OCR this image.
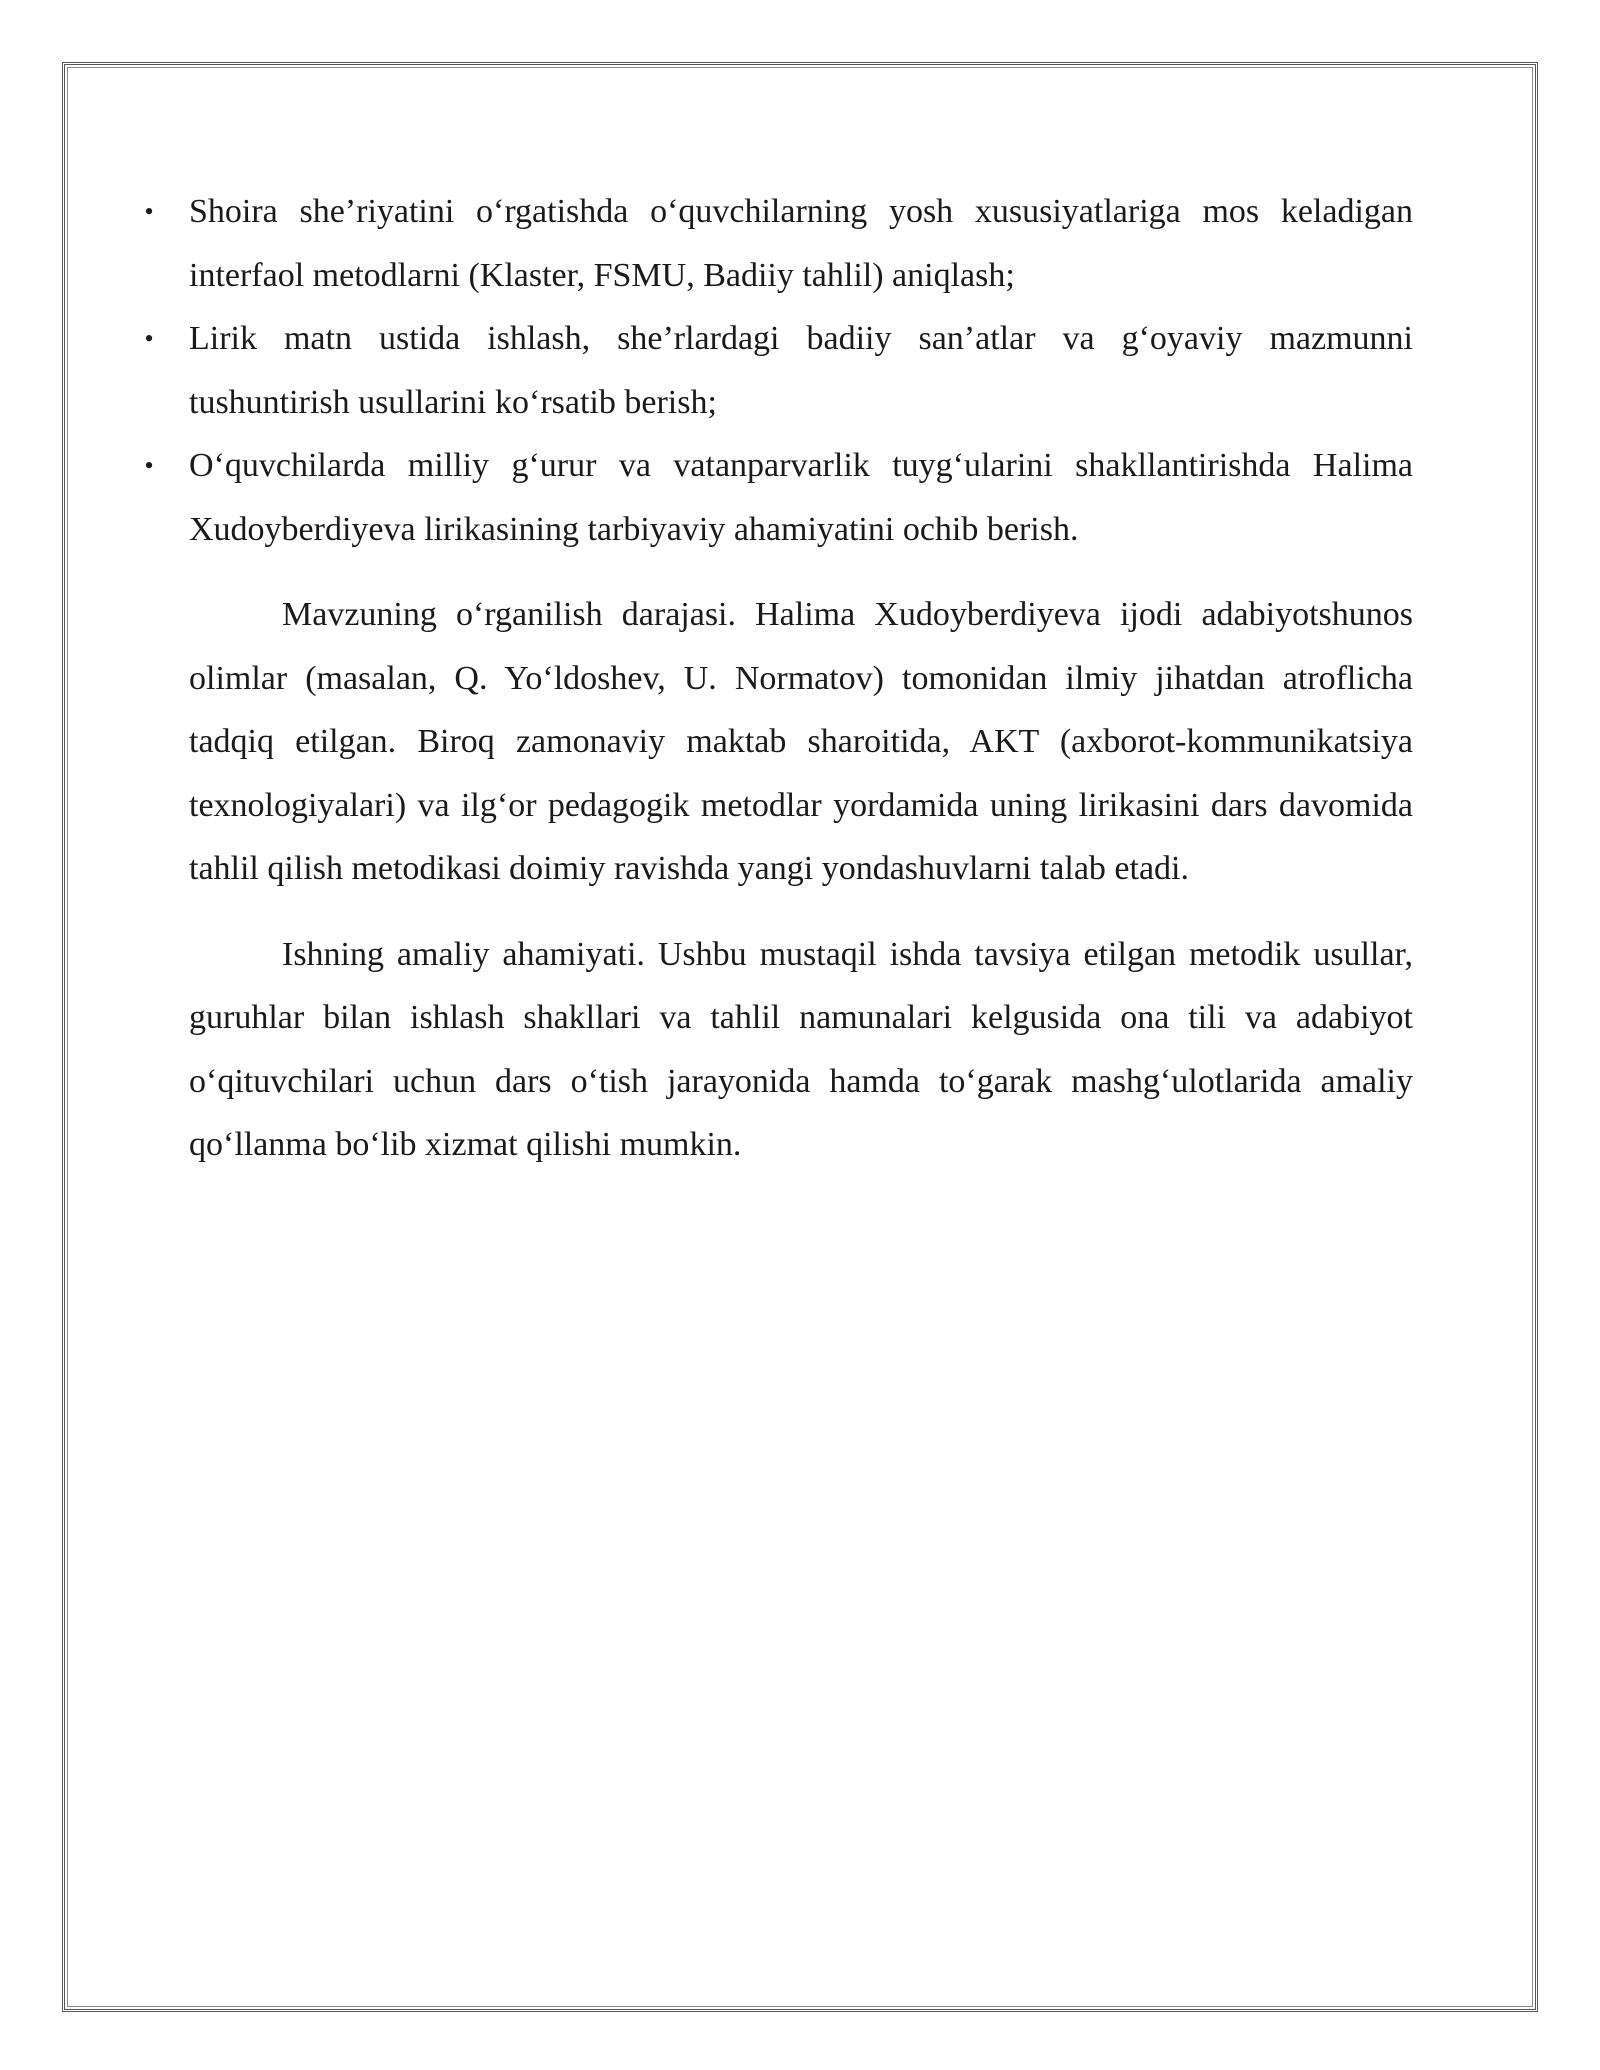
• Shoira she’riyatini o‘rgatishda o‘quvchilarning yosh xususiyatlariga mos keladigan interfaol metodlarni (Klaster, FSMU, Badiiy tahlil) aniqlash;
• Lirik matn ustida ishlash, she’rlardagi badiiy san’atlar va g‘oyaviy mazmunni tushuntirish usullarini ko‘rsatib berish;
• O‘quvchilarda milliy g‘urur va vatanparvarlik tuyg‘ularini shakllantirishda Halima Xudoyberdiyeva lirikasining tarbiyaviy ahamiyatini ochib berish.

Mavzuning o‘rganilish darajasi. Halima Xudoyberdiyeva ijodi adabiyotshunos olimlar (masalan, Q. Yo‘ldoshev, U. Normatov) tomonidan ilmiy jihatdan atroflicha tadqiq etilgan. Biroq zamonaviy maktab sharoitida, AKT (axborot-kommunikatsiya texnologiyalari) va ilg‘or pedagogik metodlar yordamida uning lirikasini dars davomida tahlil qilish metodikasi doimiy ravishda yangi yondashuvlarni talab etadi.

Ishning amaliy ahamiyati. Ushbu mustaqil ishda tavsiya etilgan metodik usullar, guruhlar bilan ishlash shakllari va tahlil namunalari kelgusida ona tili va adabiyot o‘qituvchilari uchun dars o‘tish jarayonida hamda to‘garak mashg‘ulotlarida amaliy qo‘llanma bo‘lib xizmat qilishi mumkin.
